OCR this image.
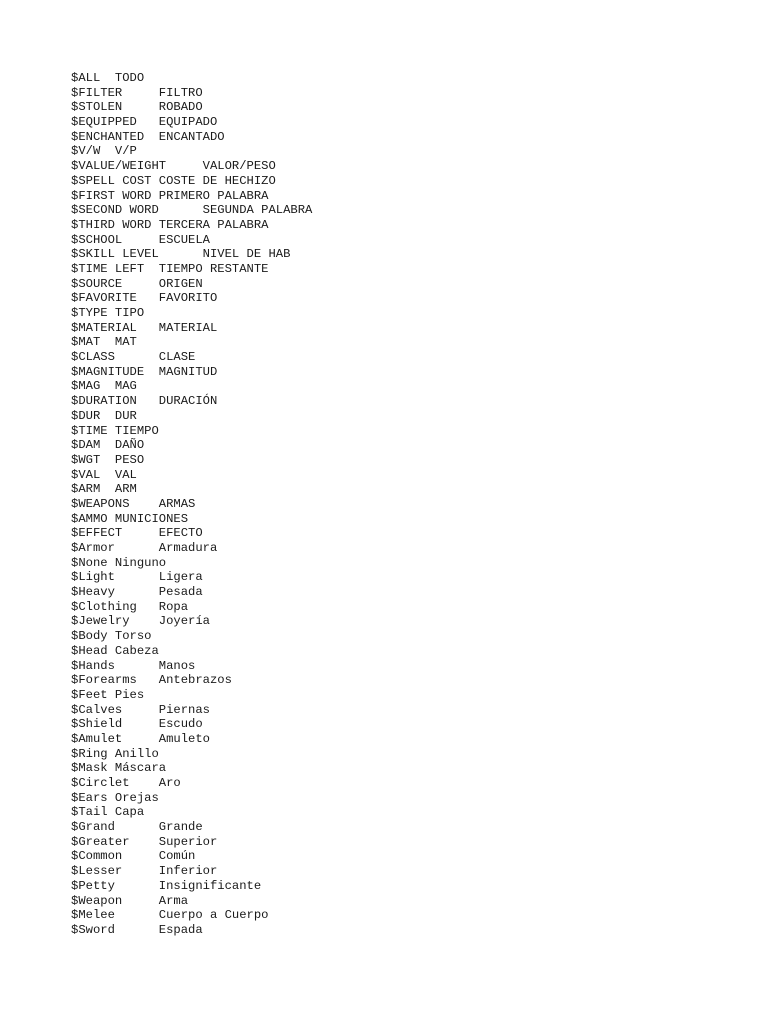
$ALL  TODO
$FILTER     FILTRO
$STOLEN     ROBADO
$EQUIPPED   EQUIPADO
$ENCHANTED  ENCANTADO
$V/W  V/P
$VALUE/WEIGHT     VALOR/PESO
$SPELL COST COSTE DE HECHIZO
$FIRST WORD PRIMERO PALABRA
$SECOND WORD      SEGUNDA PALABRA
$THIRD WORD TERCERA PALABRA
$SCHOOL     ESCUELA
$SKILL LEVEL      NIVEL DE HAB
$TIME LEFT  TIEMPO RESTANTE
$SOURCE     ORIGEN
$FAVORITE   FAVORITO
$TYPE TIPO
$MATERIAL   MATERIAL
$MAT  MAT
$CLASS      CLASE
$MAGNITUDE  MAGNITUD
$MAG  MAG
$DURATION   DURACIÓN
$DUR  DUR
$TIME TIEMPO
$DAM  DAÑO
$WGT  PESO
$VAL  VAL
$ARM  ARM
$WEAPONS    ARMAS
$AMMO MUNICIONES
$EFFECT     EFECTO
$Armor      Armadura
$None Ninguno
$Light      Ligera
$Heavy      Pesada
$Clothing   Ropa
$Jewelry    Joyería
$Body Torso
$Head Cabeza
$Hands      Manos
$Forearms   Antebrazos
$Feet Pies
$Calves     Piernas
$Shield     Escudo
$Amulet     Amuleto
$Ring Anillo
$Mask Máscara
$Circlet    Aro
$Ears Orejas
$Tail Capa
$Grand      Grande
$Greater    Superior
$Common     Común
$Lesser     Inferior
$Petty      Insignificante
$Weapon     Arma
$Melee      Cuerpo a Cuerpo
$Sword      Espada
